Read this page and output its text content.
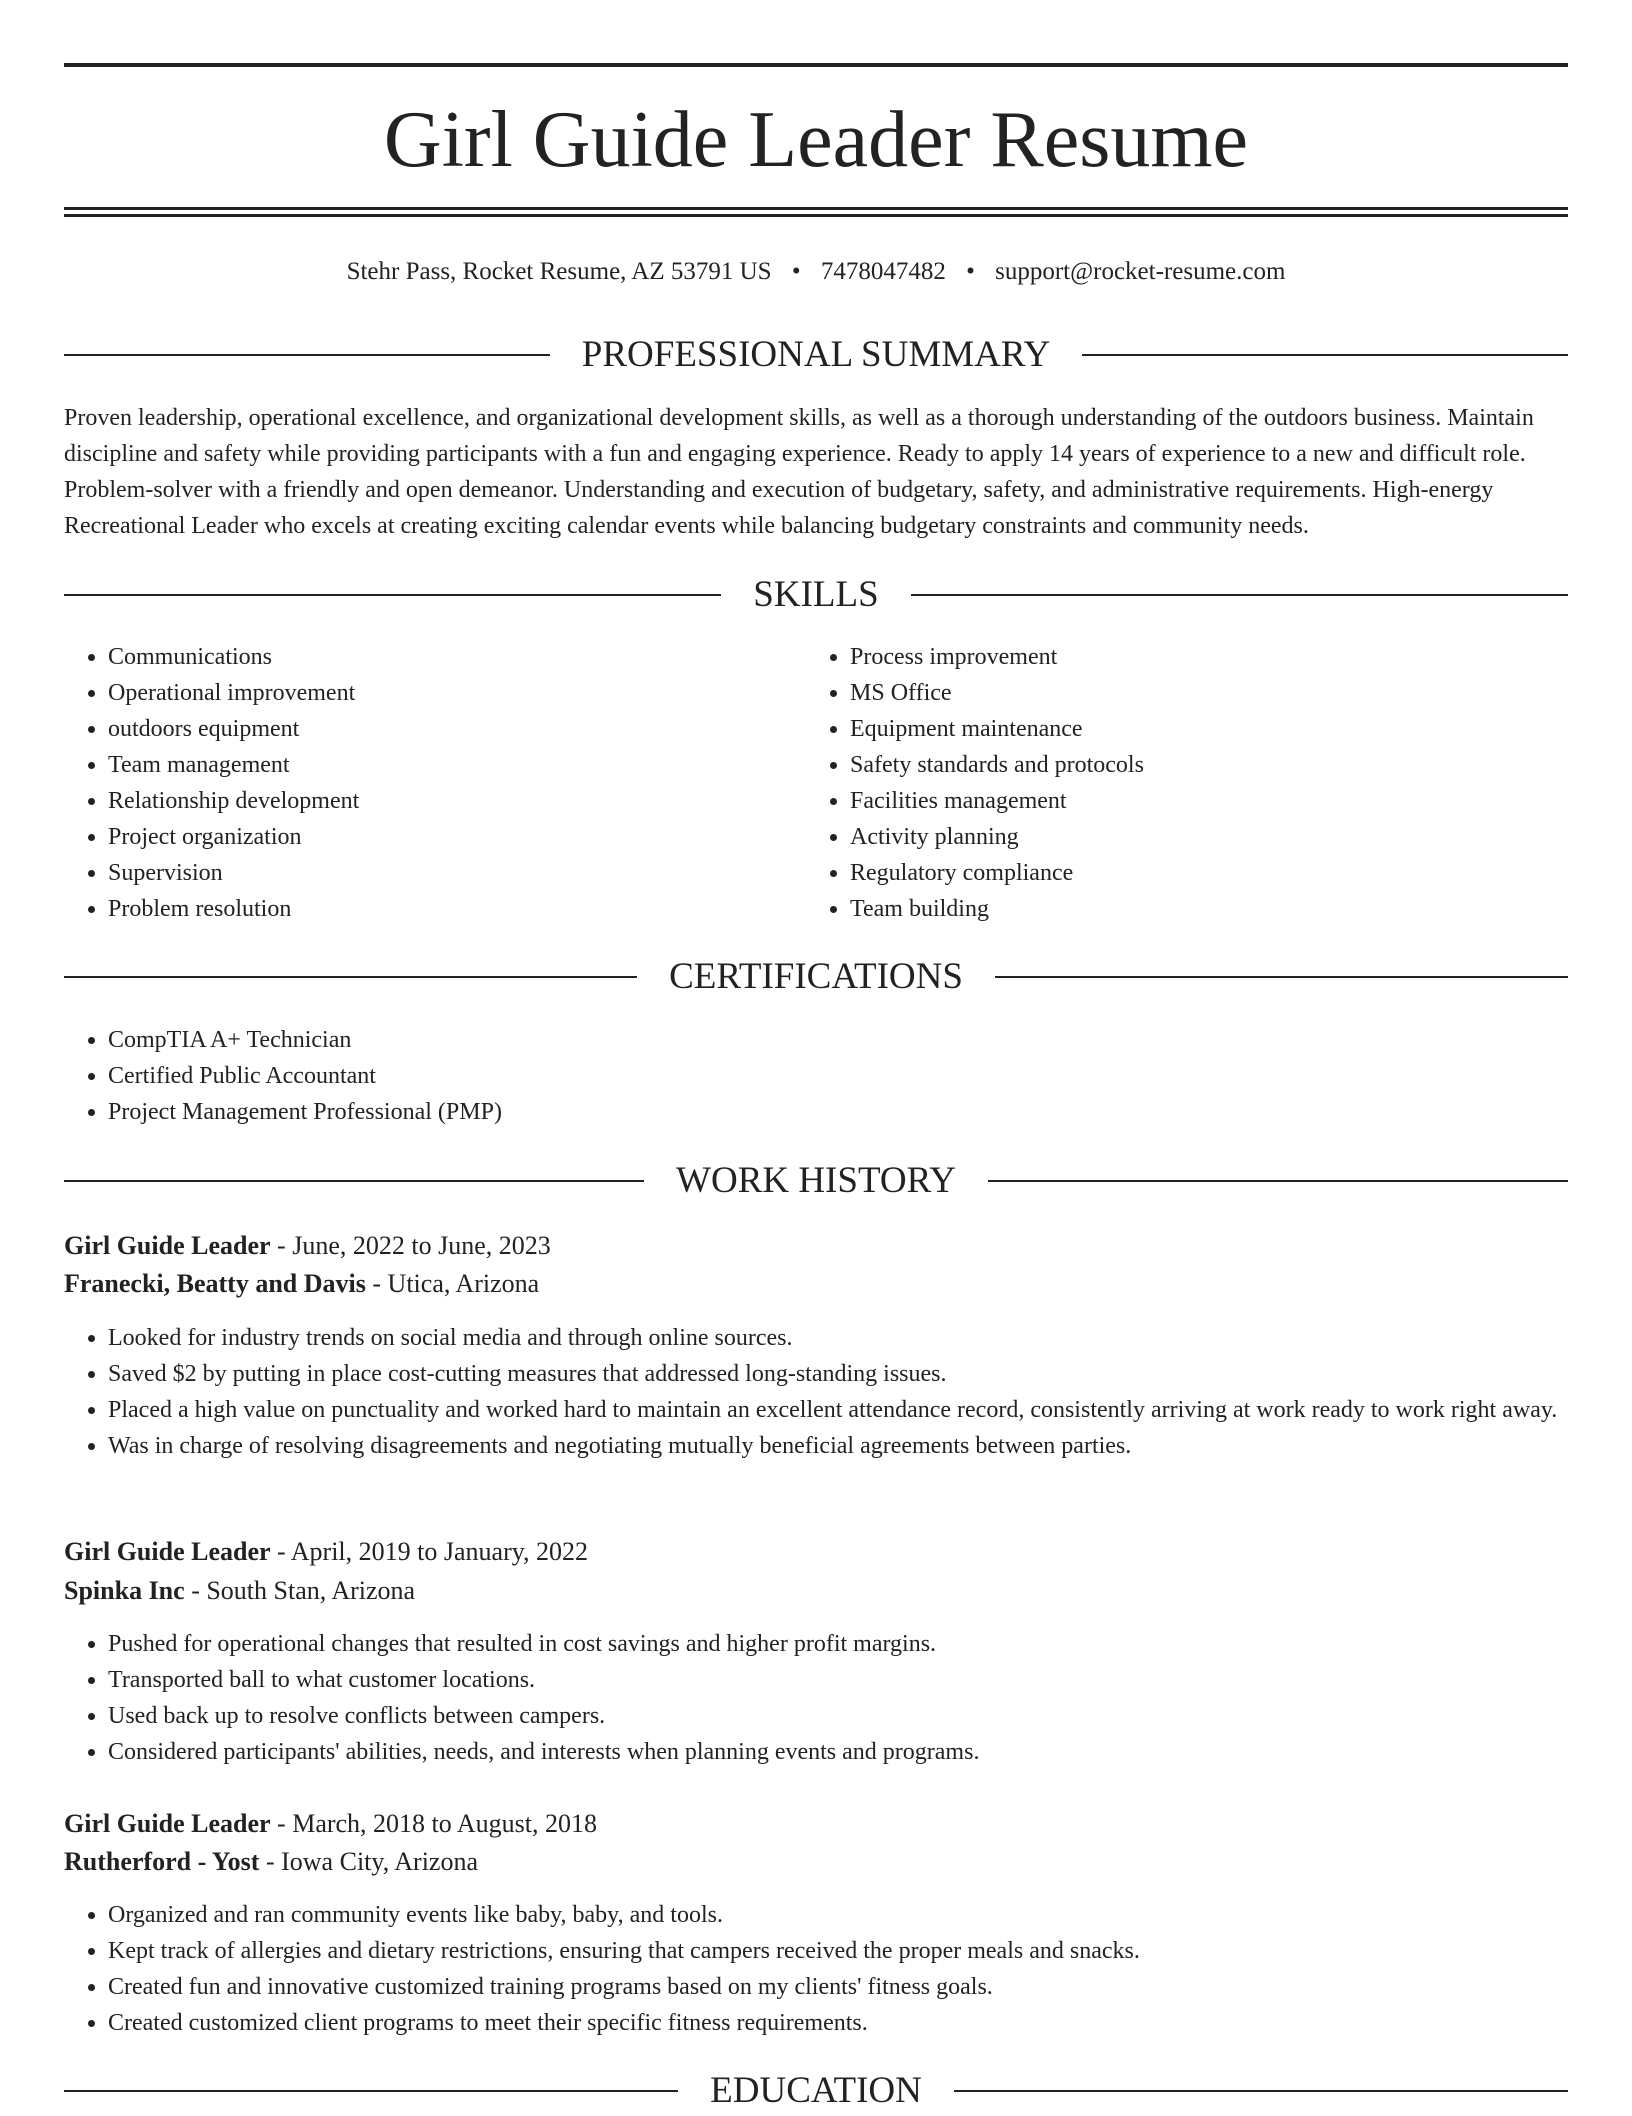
Girl Guide Leader Resume
Stehr Pass, Rocket Resume, AZ 53791 US • 7478047482 • support@rocket-resume.com
PROFESSIONAL SUMMARY

Proven leadership, operational excellence, and organizational development skills, as well as a thorough understanding of the outdoors business. Maintain discipline and safety while providing participants with a fun and engaging experience. Ready to apply 14 years of experience to a new and difficult role. Problem-solver with a friendly and open demeanor. Understanding and execution of budgetary, safety, and administrative requirements. High-energy Recreational Leader who excels at creating exciting calendar events while balancing budgetary constraints and community needs.

SKILLS
• Communications
• Operational improvement
• outdoors equipment
• Team management
• Relationship development
• Project organization
• Supervision
• Problem resolution
• Process improvement
• MS Office
• Equipment maintenance
• Safety standards and protocols
• Facilities management
• Activity planning
• Regulatory compliance
• Team building
CERTIFICATIONS
• CompTIA A+ Technician
• Certified Public Accountant
• Project Management Professional (PMP)
WORK HISTORY

Girl Guide Leader - June, 2022 to June, 2023

Franecki, Beatty and Davis - Utica, Arizona

• Looked for industry trends on social media and through online sources.
• Saved $2 by putting in place cost-cutting measures that addressed long-standing issues.
• Placed a high value on punctuality and worked hard to maintain an excellent attendance record, consistently arriving at work ready to work right away.
• Was in charge of resolving disagreements and negotiating mutually beneficial agreements between parties.

Girl Guide Leader - April, 2019 to January, 2022

Spinka Inc - South Stan, Arizona

• Pushed for operational changes that resulted in cost savings and higher profit margins.
• Transported ball to what customer locations.
• Used back up to resolve conflicts between campers.
• Considered participants' abilities, needs, and interests when planning events and programs.

Girl Guide Leader - March, 2018 to August, 2018

Rutherford - Yost - Iowa City, Arizona

• Organized and ran community events like baby, baby, and tools.
• Kept track of allergies and dietary restrictions, ensuring that campers received the proper meals and snacks.
• Created fun and innovative customized training programs based on my clients' fitness goals.
• Created customized client programs to meet their specific fitness requirements.
EDUCATION
